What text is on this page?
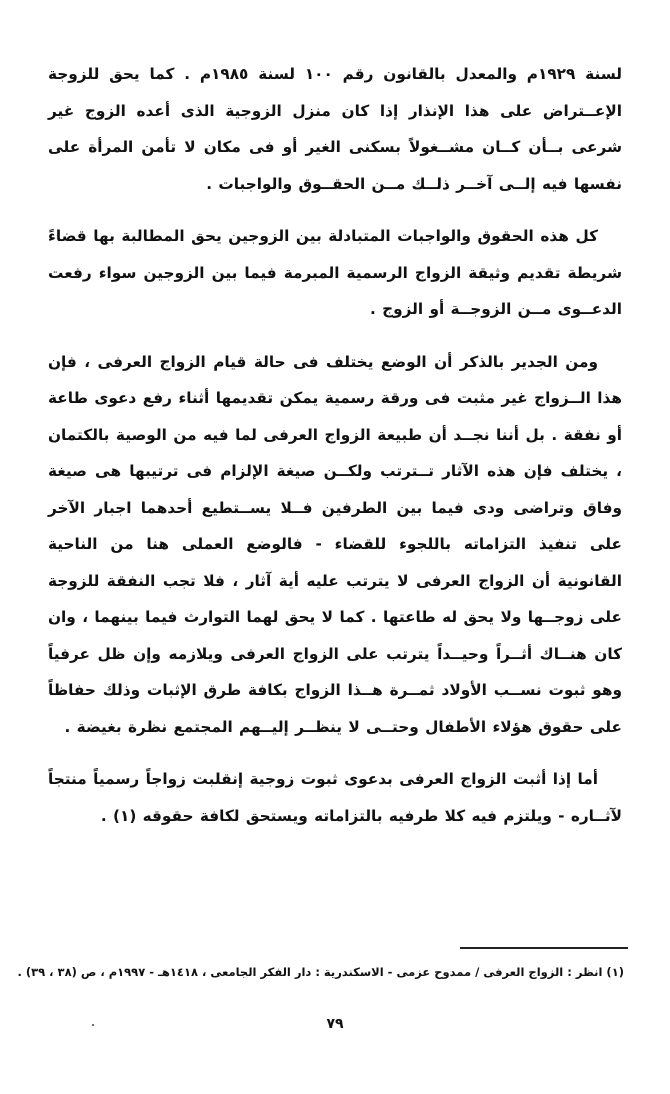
لسنة ١٩٢٩م والمعدل بالقانون رقم ١٠٠ لسنة ١٩٨٥م . كما يحق للزوجة الإعــتراض على هذا الإنذار إذا كان منزل الزوجية الذى أعده الزوج غير شرعى بــأن كــان مشــغولاً بسكنى الغير أو فى مكان لا تأمن المرأة على نفسها فيه إلــى آخــر ذلــك مــن الحقــوق والواجبات .

كل هذه الحقوق والواجبات المتبادلة بين الزوجين يحق المطالبة بها قضاءً شريطة تقديم وثيقة الزواج الرسمية المبرمة فيما بين الزوجين سواء رفعت الدعــوى مــن الزوجــة أو الزوج .

ومن الجدير بالذكر أن الوضع يختلف فى حالة قيام الزواج العرفى ، فإن هذا الــزواج غير مثبت فى ورقة رسمية يمكن تقديمها أثناء رفع دعوى طاعة أو نفقة . بل أننا نجــد أن طبيعة الزواج العرفى لما فيه من الوصية بالكتمان ، يختلف فإن هذه الآثار تــترتب ولكــن صيغة الإلزام فى ترتيبها هى صيغة وفاق وتراضى ودى فيما بين الطرفين فــلا يســتطيع أحدهما اجبار الآخر على تنفيذ التزاماته باللجوء للقضاء - فالوضع العملى هنا من الناحية القانونية أن الزواج العرفى لا يترتب عليه أية آثار ، فلا تجب النفقة للزوجة على زوجــها ولا يحق له طاعتها . كما لا يحق لهما التوارث فيما بينهما ، وان كان هنــاك أثــراً وحيــداً يترتب على الزواج العرفى ويلازمه وإن ظل عرفياً وهو ثبوت نســب الأولاد ثمــرة هــذا الزواج بكافة طرق الإثبات وذلك حفاظاً على حقوق هؤلاء الأطفال وحتــى لا ينظــر إليــهم المجتمع نظرة بغيضة .

أما إذا أثبت الزواج العرفى بدعوى ثبوت زوجية إنقلبت زواجاً رسمياً منتجاً لآثــاره - ويلتزم فيه كلا طرفيه بالتزاماته ويستحق لكافة حقوقه (١) .

(١) انظر : الزواج العرفى / ممدوح عزمى - الاسكندرية : دار الفكر الجامعى ، ١٤١٨هـ - ١٩٩٧م ، ص (٣٨ ، ٣٩) .
٧٩
